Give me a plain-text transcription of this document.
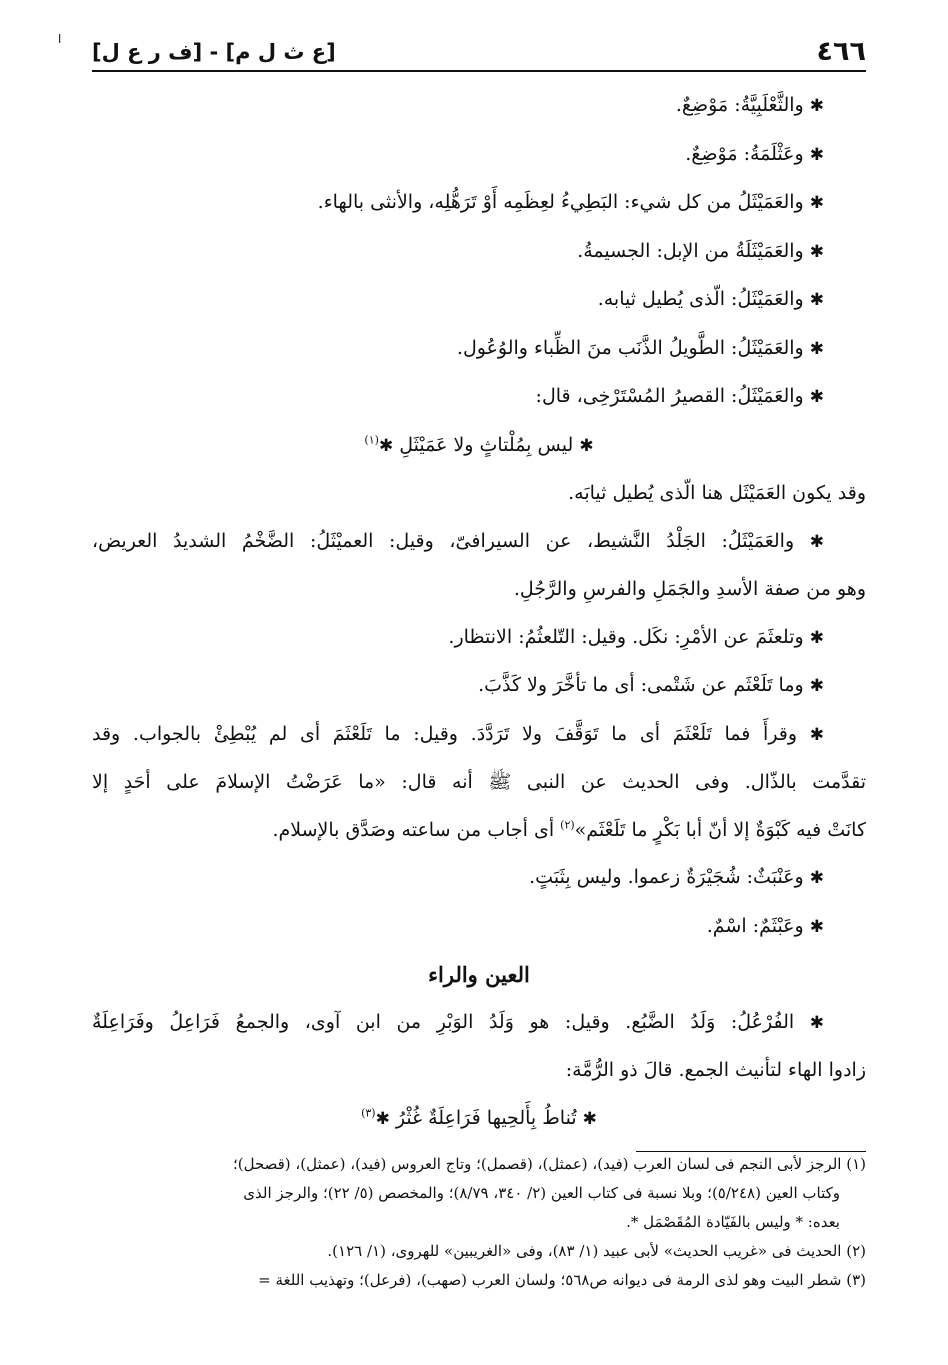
ا	٤٦٦
[ع ث ل م] - [ف ر ع ل]
✱ والثَّعْلَبِيَّةُ: مَوْضِعٌ.
✱ وعَثْلَمَةُ: مَوْضِعٌ.
✱ والعَمَيْثَلُ من كل شيء: البَطِيءُ لعِظَمِه أَوْ تَرَهُّلِه، والأنثى بالهاء.
✱ والعَمَيْثَلَةُ من الإبل: الجسيمةُ.
✱ والعَمَيْثَلُ: الّذى يُطيل ثيابه.
✱ والعَمَيْثَلُ: الطَّويلُ الذَّنَب منَ الظِّباء والوُعُول.
✱ والعَمَيْثَلُ: القصيرُ المُسْتَرْخِى، قال:
✱ ليس بِمُلْتاثٍ ولا عَمَيْثَلِ ✱$^{(١)}$
وقد يكون العَمَيْثَل هنا الّذى يُطيل ثيابَه.
✱ والعَمَيْثَلُ: الجَلْدُ النَّشيط، عن السيرافىّ، وقيل: العميْثَلُ: الضَّخْمُ الشديدُ العريض،
وهو من صفة الأسدِ والجَمَلِ والفرسِ والرَّجُلِ.
✱ وتلعثَمَ عن الأمْرِ: نكَل. وقيل: التّلعثُمُ: الانتظار.
✱ وما تَلَعْثَم عن شَتْمى: أى ما تأخَّرَ ولا كَذَّبَ.
✱ وقرأَ فما تَلَعْثَمَ أى ما تَوَقَّفَ ولا تَرَدَّدَ. وقيل: ما تَلَعْثَمَ أى لم يُبْطِئْ بالجواب. وقد
تقدَّمت بالذّال. وفى الحديث عن النبى ﷺ أنه قال: «ما عَرَضْتُ الإسلامَ على أحَدٍ إلا
كانَتْ فيه كَبْوَةٌ إلا أنّ أبا بَكْرٍ ما تَلَعْثَم»$^{(٢)}$ أى أجاب من ساعته وصَدَّق بالإسلام.
✱ وعَنْبَثٌ: شُجَيْرَةٌ زعموا. وليس بِثَبَتٍ.
✱ وعَبْثَمٌ: اسْمٌ.
العين والراء
✱ الفُرْعُلُ: وَلَدُ الضَّبُع. وقيل: هو وَلَدُ الوَبْرِ من ابن آوى، والجمعُ فَرَاعِلُ وفَرَاعِلَةٌ
زادوا الهاء لتأنيث الجمع. قالَ ذو الرُّمَّة:
✱ تُناطُ بِأَلحِيها فَرَاعِلَةٌ غُثْرُ ✱$^{(٣)}$
(١) الرجز لأبى النجم فى لسان العرب (فيد)، (عمثل)، (قصمل)؛ وتاج العروس (فيد)، (عمثل)، (قصحل)؛
وكتاب العين (٥/٢٤٨)؛ وبلا نسبة فى كتاب العين (٢/ ٣٤٠، ٨/٧٩)؛ والمخصص (٥/ ٢٢)؛ والرجز الذى
بعده: * وليس بالفَيّادة المُقَصْمَل *.
(٢) الحديث فى «غريب الحديث» لأبى عبيد (١/ ٨٣)، وفى «الغريبين» للهروى، (١/ ١٢٦).
(٣) شطر البيت وهو لذى الرمة فى ديوانه ص٥٦٨؛ ولسان العرب (صهب)، (فرعل)؛ وتهذيب اللغة =
